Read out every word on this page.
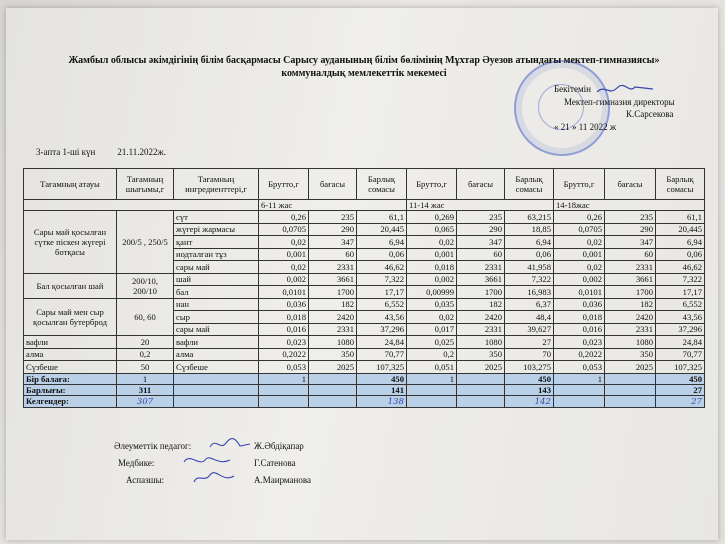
Жамбыл облысы әкімдігінің білім басқармасы Сарысу ауданының білім бөлімінің Мұхтар Әуезов атындағы мектеп-гимназиясы»
коммуналдық мемлекеттік мекемесі
Бекітемін
Мектеп-гимназия директоры
К.Сарсекова
« 21 » 11 2022 ж
3-апта 1-ші күн 21.11.2022ж.
Тағамның атауы	Тағамның шығымы,г	Тағамның ингредиенттері,г	Брутто,г	бағасы	Барлық сомасы	Брутто,г	бағасы	Барлық сомасы	Брутто,г	бағасы	Барлық сомасы
			6-11 жас			11-14 жас			14-18жас		
Сары май қосылған сүтке піскен жүгері ботқасы	200/5 , 250/5	сүт	0,26	235	61,1	0,269	235	63,215	0,26	235	61,1
		жүгері жармасы	0,0705	290	20,445	0,065	290	18,85	0,0705	290	20,445
		қант	0,02	347	6,94	0,02	347	6,94	0,02	347	6,94
		иодталған тұз	0,001	60	0,06	0,001	60	0,06	0,001	60	0,06
		сары май	0,02	2331	46,62	0,018	2331	41,958	0,02	2331	46,62
Бал қосылған шай	200/10, 200/10	шай	0,002	3661	7,322	0,002	3661	7,322	0,002	3661	7,322
		бал	0,0101	1700	17,17	0,00999	1700	16,983	0,0101	1700	17,17
Сары май мен сыр қосылған бутерброд	60, 60	нан	0,036	182	6,552	0,035	182	6,37	0,036	182	6,552
		сыр	0,018	2420	43,56	0,02	2420	48,4	0,018	2420	43,56
		сары май	0,016	2331	37,296	0,017	2331	39,627	0,016	2331	37,296
вафли	20	вафли	0,023	1080	24,84	0,025	1080	27	0,023	1080	24,84
алма	0,2	алма	0,2022	350	70,77	0,2	350	70	0,2022	350	70,77
Сүзбеше	50	Сүзбеше	0,053	2025	107,325	0,051	2025	103,275	0,053	2025	107,325
Бір балаға:	1		1		450	1		450	1		450
Барлығы:	311				141			143			27
Келгендер:	307				138			142			27
Әлеуметтік педагог:	Ж.Әбдіқапар
Медбике:	Г.Сатенова
Аспазшы:	А.Маирманова
